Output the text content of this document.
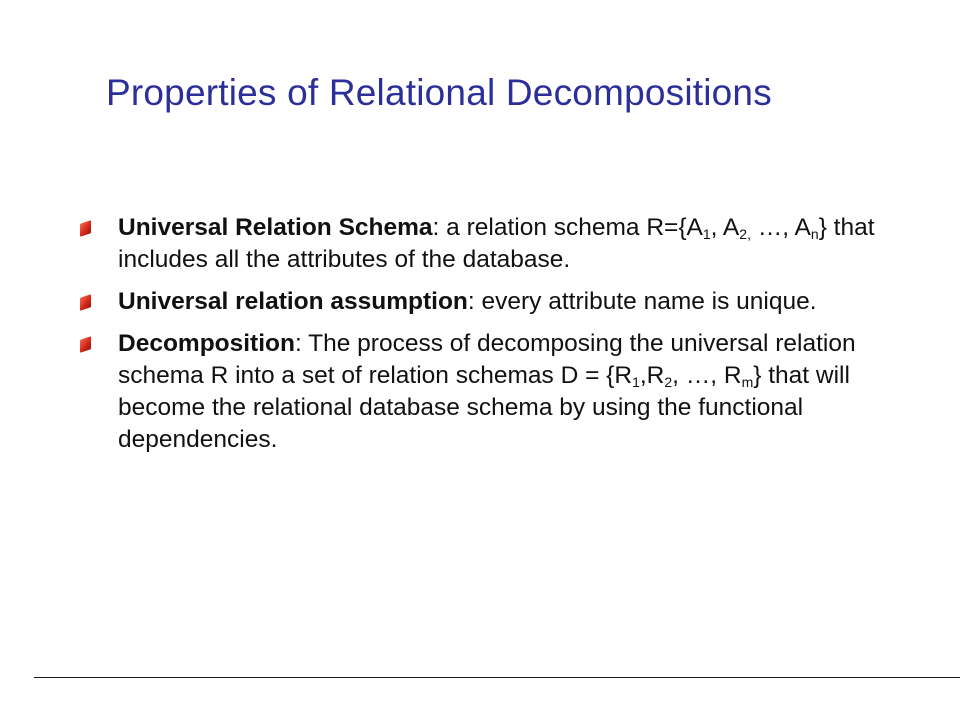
Properties of Relational Decompositions
Universal Relation Schema: a relation schema $R=\{A_1$, $A_{2,}$ …, $A_n$} that includes all the attributes of the database.
Universal relation assumption: every attribute name is unique.
Decomposition: The process of decomposing the universal relation schema R into a set of relation schemas $D = \{R_1,R_2$, …, $R_m$} that will become the relational database schema by using the functional dependencies.
